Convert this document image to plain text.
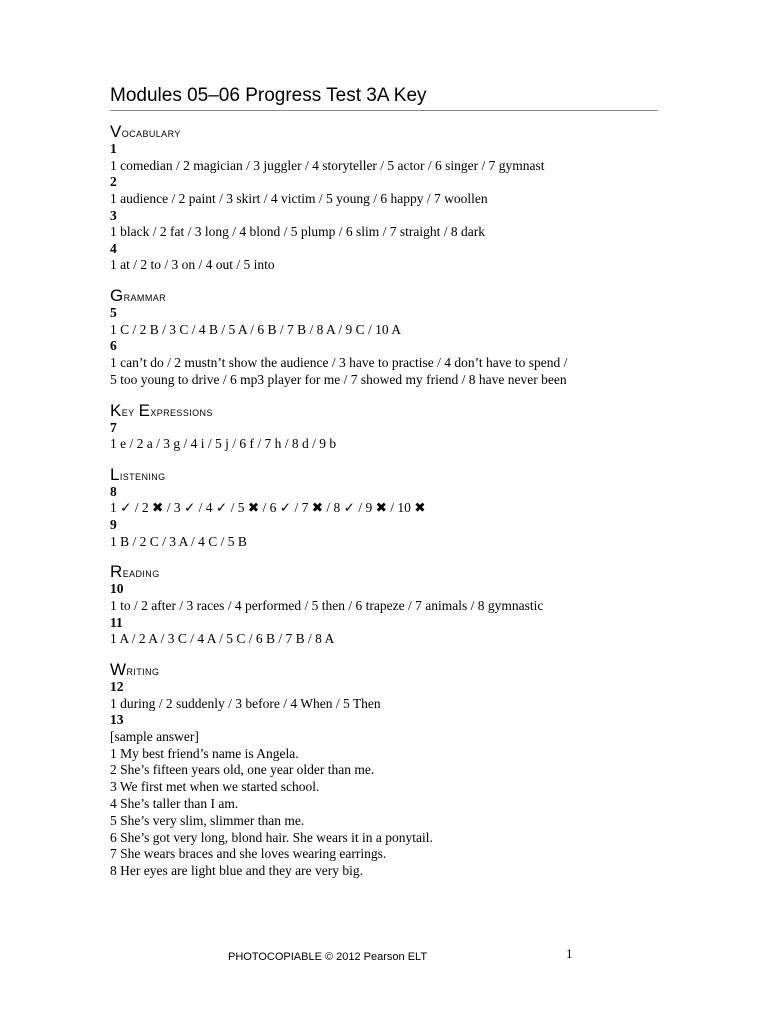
Modules 05–06 Progress Test 3A Key
Vocabulary
1
1 comedian / 2 magician / 3 juggler / 4 storyteller / 5 actor / 6 singer / 7 gymnast
2
1 audience / 2 paint / 3 skirt / 4 victim / 5 young / 6 happy / 7 woollen
3
1 black / 2 fat / 3 long / 4 blond / 5 plump / 6 slim / 7 straight / 8 dark
4
1 at / 2 to / 3 on / 4 out / 5 into
Grammar
5
1 C / 2 B / 3 C / 4 B / 5 A / 6 B / 7 B / 8 A / 9 C / 10 A
6
1 can’t do / 2 mustn’t show the audience / 3 have to practise / 4 don’t have to spend /
5 too young to drive / 6 mp3 player for me / 7 showed my friend / 8 have never been
Key Expressions
7
1 e / 2 a / 3 g / 4 i / 5 j / 6 f / 7 h / 8 d / 9 b
Listening
8
1 ✓ / 2 ✖ / 3 ✓ / 4 ✓ / 5 ✖ / 6 ✓ / 7 ✖ / 8 ✓ / 9 ✖ / 10 ✖
9
1 B / 2 C / 3 A / 4 C / 5 B
Reading
10
1 to / 2 after / 3 races / 4 performed / 5 then / 6 trapeze / 7 animals / 8 gymnastic
11
1 A / 2 A / 3 C / 4 A / 5 C / 6 B / 7 B / 8 A
Writing
12
1 during / 2 suddenly / 3 before / 4 When / 5 Then
13
[sample answer]
1 My best friend’s name is Angela.
2 She’s fifteen years old, one year older than me.
3 We first met when we started school.
4 She’s taller than I am.
5 She’s very slim, slimmer than me.
6 She’s got very long, blond hair. She wears it in a ponytail.
7 She wears braces and she loves wearing earrings.
8 Her eyes are light blue and they are very big.
PHOTOCOPIABLE © 2012 Pearson ELT	1
